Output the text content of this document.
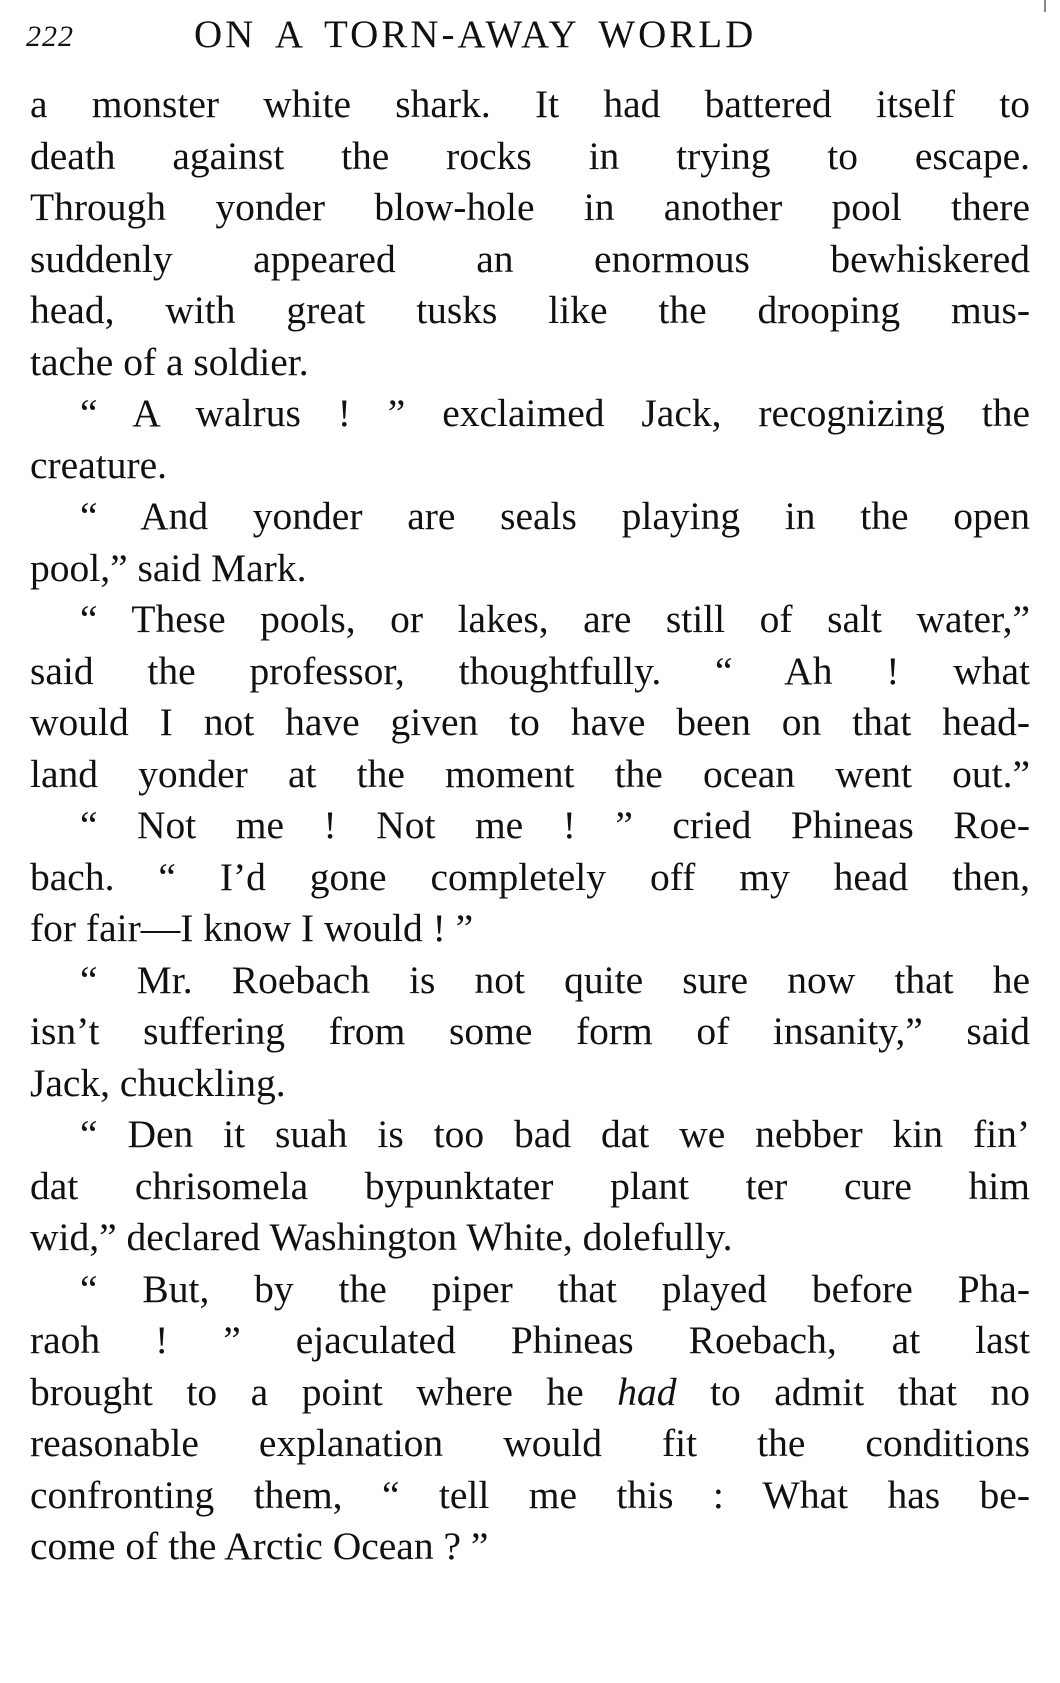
222	ON A TORN-AWAY WORLD
a monster white shark. It had battered itself to
death against the rocks in trying to escape.
Through yonder blow-hole in another pool there
suddenly appeared an enormous bewhiskered
head, with great tusks like the drooping mus-
tache of a soldier.
“ A walrus ! ” exclaimed Jack, recognizing the
creature.
“ And yonder are seals playing in the open
pool,” said Mark.
“ These pools, or lakes, are still of salt water,”
said the professor, thoughtfully. “ Ah ! what
would I not have given to have been on that head-
land yonder at the moment the ocean went out.”
“ Not me ! Not me ! ” cried Phineas Roe-
bach. “ I’d gone completely off my head then,
for fair—I know I would ! ”
“ Mr. Roebach is not quite sure now that he
isn’t suffering from some form of insanity,” said
Jack, chuckling.
“ Den it suah is too bad dat we nebber kin fin’
dat chrisomela bypunktater plant ter cure him
wid,” declared Washington White, dolefully.
“ But, by the piper that played before Pha-
raoh ! ” ejaculated Phineas Roebach, at last
brought to a point where he had to admit that no
reasonable explanation would fit the conditions
confronting them, “ tell me this : What has be-
come of the Arctic Ocean ? ”
